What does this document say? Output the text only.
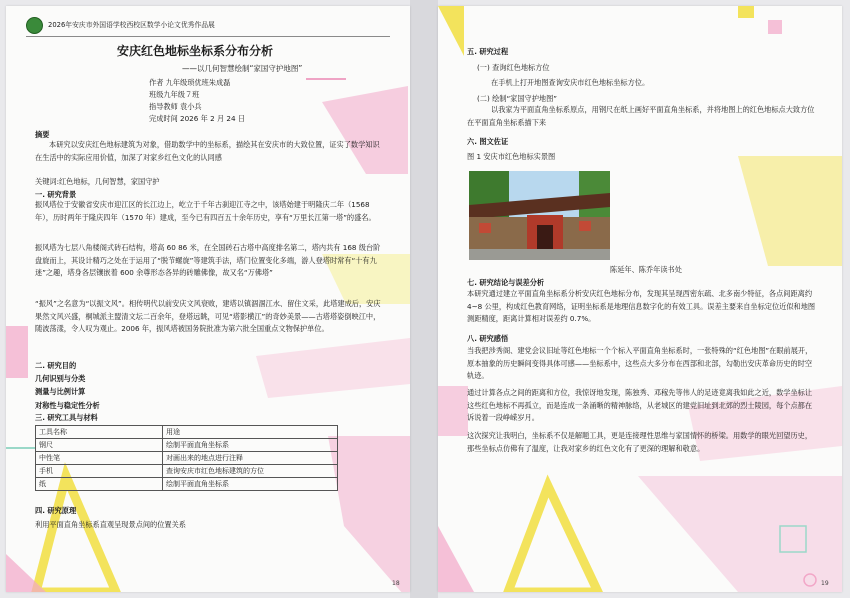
2026年安庆市外国语学校西校区数学小论文优秀作品展
安庆红色地标坐标系分布分析
——以几何智慧绘制“家国守护地图”
作者 九年级琐优班朱成磊
班级九年级７班
指导教师 袁小兵
完成时间 2026 年 2 月 24 日
摘要
本研究以安庆红色地标建筑为对象，借助数学中的坐标系，描绘其在安庆市的大致位置，证实了数学知识在生活中的实际应用价值，加深了对家乡红色文化的认同感
关键词:红色地标，几何智慧，家国守护
一. 研究背景
振风塔位于安徽省安庆市迎江区的长江边上，屹立于千年古刹迎江寺之中，该塔始建于明隆庆二年（1568 年），历时两年于隆庆四年（1570 年）建成，至今已有四百五十余年历史，享有“万里长江第一塔”的盛名。
振风塔为七层八角楼阁式砖石结构，塔高 60 86 米，在全国砖石古塔中高度排名第二，塔内共有 168 级台阶盘旋而上，其设计精巧之处在于运用了“脱节螺旋”等建筑手法，塔门位置变化多端，游人登塔时常有“十有九迷”之趣，塔身各层镶嵌着 600 余尊形态各异的砖雕佛像，故又名“万佛塔”
“振风”之名意为“以振文风”。相传明代以前安庆文风衰败，建塔以镇涸涸江水、留住文采，此塔建成后，安庆果然文风兴盛，桐城派主盟清文坛二百余年，登塔远眺，可见“塔影横江”的奇妙美景——古塔塔姿倒映江中，随波荡漾，令人叹为观止。2006 年，振风塔被国务院批准为第六批全国重点文物保护单位。
二. 研究目的
几何识别与分类
测量与比例计算
对称性与稳定性分析
三. 研究工具与材料
工具名称	用途
钢尺	绘制平面直角坐标系
中性笔	对画出来的地点进行注释
手机	查询安庆市红色地标建筑的方位
纸	绘制平面直角坐标系
四. 研究原理
利用平面直角坐标系直观呈现景点间的位置关系
18
五. 研究过程
(一) 查询红色地标方位
在手机上打开地图查询安庆市红色地标坐标方位。
(二) 绘制“家国守护地图”
以我家为平面直角坐标系原点，用钢尺在纸上画好平面直角坐标系，并将地图上的红色地标点大致方位在平面直角坐标系描下来
六. 图文佐证
图 1 安庆市红色地标实景图
陈延年、陈乔年读书处
七. 研究结论与误差分析
本研究通过建立平面直角坐标系分析安庆红色地标分布，发现其呈现西密东疏、北多南少特征，各点间距离约 4~8 公里，构成红色教育网络，证明坐标系是地理信息数字化的有效工具。误差主要来自坐标定位近似和地图测距精度，距离计算相对误差约 0.7%。
八. 研究感悟
当我把涉秀阁、建党会议旧址等红色地标一个个标入平面直角坐标系时，一张特殊的“红色地图”在眼前展开，原本抽象的历史瞬间变得具体可感——坐标系中，这些点大多分布在西部和北部，勾勒出安庆革命历史的时空轨迹。
通过计算各点之间的距离和方位，我惊讶地发现，陈独秀、邓稼先等伟人的足迹竟离我如此之近，数学坐标让这些红色地标不再孤立，而是连成一条涌晰的精神脉络，从老城区的建党旧址到北郊的烈士陵园，每个点都在诉说着一段峥嵘岁月。
这次探究让我明白，坐标系不仅是解题工具，更是连接理性思维与家国情怀的桥梁。用数学的眼光回望历史，那些坐标点仿佛有了温度，让我对家乡的红色文化有了更深的理解和敬意。
19
